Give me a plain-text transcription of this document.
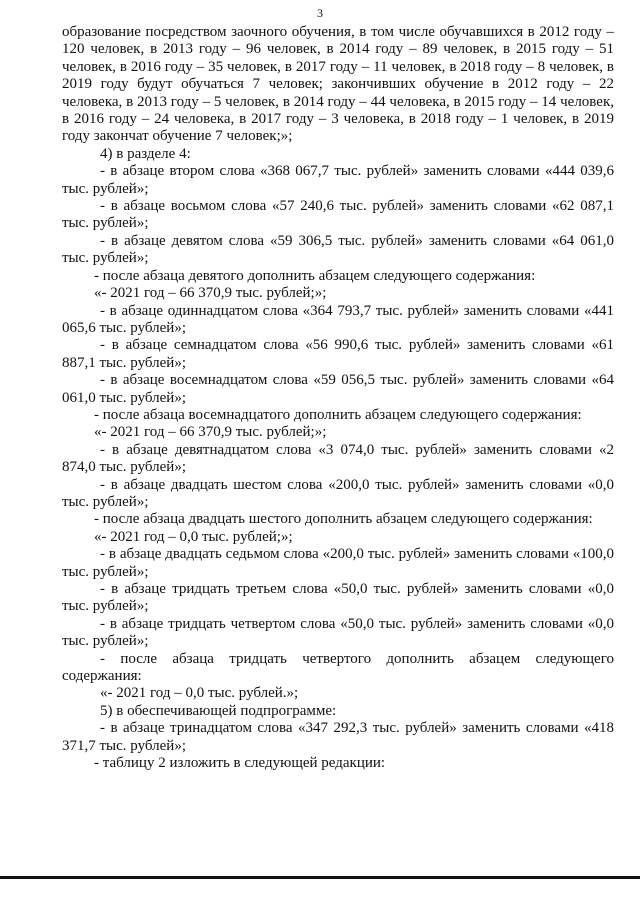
3

образование посредством заочного обучения, в том числе обучавшихся в 2012 году – 120 человек, в 2013 году – 96 человек, в 2014 году – 89 человек, в 2015 году – 51 человек, в 2016 году – 35 человек, в 2017 году – 11 человек, в 2018 году – 8 человек, в 2019 году будут обучаться 7 человек; закончивших обучение в 2012 году – 22 человека, в 2013 году – 5 человек, в 2014 году – 44 человека, в 2015 году – 14 человек, в 2016 году – 24 человека, в 2017 году – 3 человека, в 2018 году – 1 человек, в 2019 году закончат обучение 7 человек;»;

4) в разделе 4:

- в абзаце втором слова «368 067,7 тыс. рублей» заменить словами «444 039,6 тыс. рублей»;

- в абзаце восьмом слова «57 240,6 тыс. рублей» заменить словами «62 087,1 тыс. рублей»;

- в абзаце девятом слова «59 306,5 тыс. рублей» заменить словами «64 061,0 тыс. рублей»;

- после абзаца девятого дополнить абзацем следующего содержания:

«- 2021 год – 66 370,9 тыс. рублей;»;

- в абзаце одиннадцатом слова «364 793,7 тыс. рублей» заменить словами «441 065,6 тыс. рублей»;

- в абзаце семнадцатом слова «56 990,6 тыс. рублей» заменить словами «61 887,1 тыс. рублей»;

- в абзаце восемнадцатом слова «59 056,5 тыс. рублей» заменить словами «64 061,0 тыс. рублей»;

- после абзаца восемнадцатого дополнить абзацем следующего содержания:

«- 2021 год – 66 370,9 тыс. рублей;»;

- в абзаце девятнадцатом слова «3 074,0 тыс. рублей» заменить словами «2 874,0 тыс. рублей»;

- в абзаце двадцать шестом слова «200,0 тыс. рублей» заменить словами «0,0 тыс. рублей»;

- после абзаца двадцать шестого дополнить абзацем следующего содержания:

«- 2021 год – 0,0 тыс. рублей;»;

- в абзаце двадцать седьмом слова «200,0 тыс. рублей» заменить словами «100,0 тыс. рублей»;

- в абзаце тридцать третьем слова «50,0 тыс. рублей» заменить словами «0,0 тыс. рублей»;

- в абзаце тридцать четвертом слова «50,0 тыс. рублей» заменить словами «0,0 тыс. рублей»;

- после абзаца тридцать четвертого дополнить абзацем следующего содержания:

«- 2021 год – 0,0 тыс. рублей.»;

5) в обеспечивающей подпрограмме:

- в абзаце тринадцатом слова «347 292,3 тыс. рублей» заменить словами «418 371,7 тыс. рублей»;

- таблицу 2 изложить в следующей редакции:
